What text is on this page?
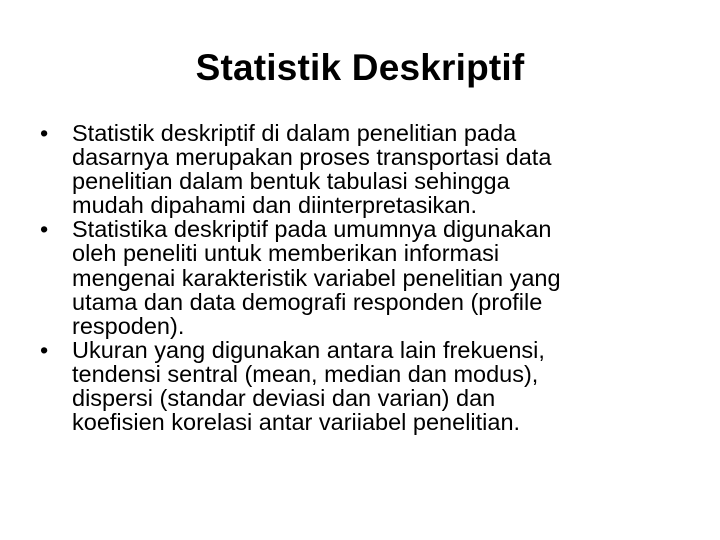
Statistik Deskriptif
•	Statistik deskriptif di dalam penelitian pada
dasarnya merupakan proses transportasi data
penelitian dalam bentuk tabulasi sehingga
mudah dipahami dan diinterpretasikan.
•	Statistika deskriptif pada umumnya digunakan
oleh peneliti untuk memberikan informasi
mengenai karakteristik variabel penelitian yang
utama dan data demografi responden (profile
respoden).
•	Ukuran yang digunakan antara lain frekuensi,
tendensi sentral (mean, median dan modus),
dispersi (standar deviasi dan varian) dan
koefisien korelasi antar variiabel penelitian.
